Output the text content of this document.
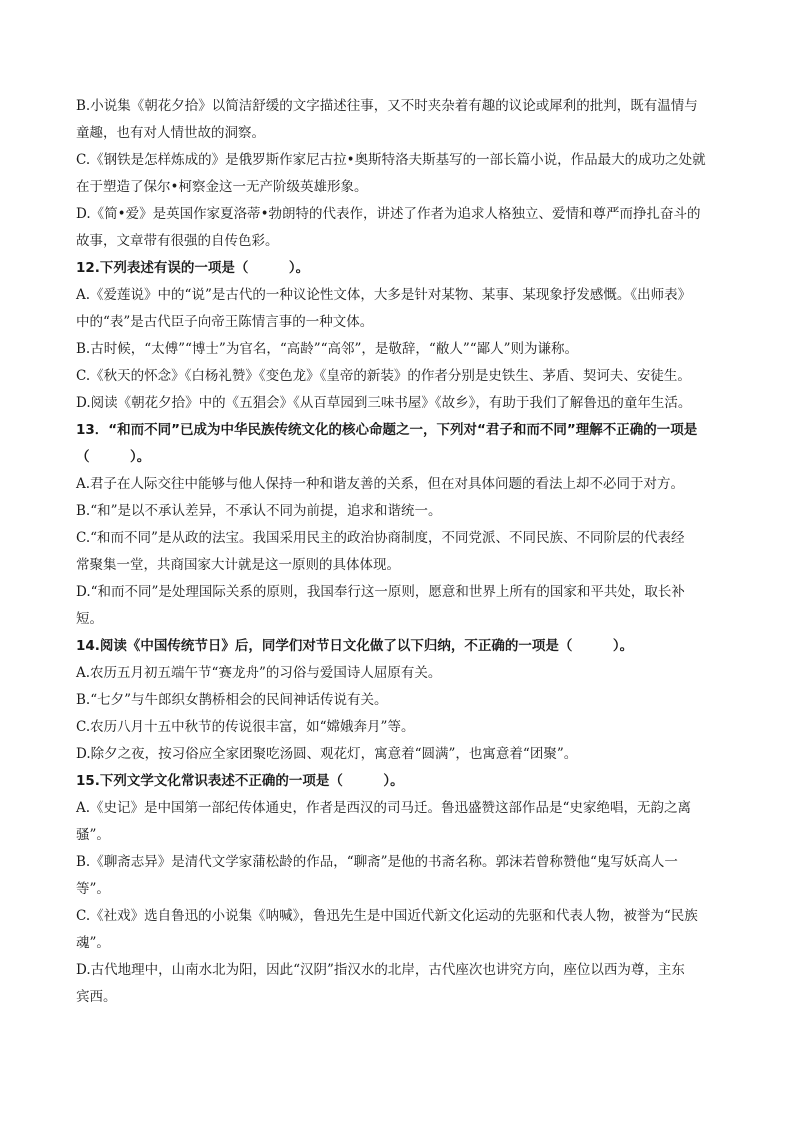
B.小说集《朝花夕拾》以简洁舒缓的文字描述往事，又不时夹杂着有趣的议论或犀利的批判，既有温情与
童趣，也有对人情世故的洞察。
C.《钢铁是怎样炼成的》是俄罗斯作家尼古拉•奥斯特洛夫斯基写的一部长篇小说，作品最大的成功之处就
在于塑造了保尔•柯察金这一无产阶级英雄形象。
D.《简•爱》是英国作家夏洛蒂•勃朗特的代表作，讲述了作者为追求人格独立、爱情和尊严而挣扎奋斗的
故事，文章带有很强的自传色彩。
12.下列表述有误的一项是（　　　）。
A.《爱莲说》中的“说”是古代的一种议论性文体，大多是针对某物、某事、某现象抒发感慨。《出师表》
中的“表”是古代臣子向帝王陈情言事的一种文体。
B.古时候，“太傅”“博士”为官名，“高龄”“高邻”，是敬辞，“敝人”“鄙人”则为谦称。
C.《秋天的怀念》《白杨礼赞》《变色龙》《皇帝的新装》的作者分别是史铁生、茅盾、契诃夫、安徒生。
D.阅读《朝花夕拾》中的《五猖会》《从百草园到三味书屋》《故乡》，有助于我们了解鲁迅的童年生活。
13．“和而不同”已成为中华民族传统文化的核心命题之一，下列对“君子和而不同”理解不正确的一项是
（　　　）。
A.君子在人际交往中能够与他人保持一种和谐友善的关系，但在对具体问题的看法上却不必同于对方。
B.“和”是以不承认差异，不承认不同为前提，追求和谐统一。
C.“和而不同”是从政的法宝。我国采用民主的政治协商制度，不同党派、不同民族、不同阶层的代表经
常聚集一堂，共商国家大计就是这一原则的具体体现。
D.“和而不同”是处理国际关系的原则，我国奉行这一原则，愿意和世界上所有的国家和平共处，取长补
短。
14.阅读《中国传统节日》后，同学们对节日文化做了以下归纳，不正确的一项是（　　　）。
A.农历五月初五端午节“赛龙舟”的习俗与爱国诗人屈原有关。
B.“七夕”与牛郎织女鹊桥相会的民间神话传说有关。
C.农历八月十五中秋节的传说很丰富，如“嫦娥奔月”等。
D.除夕之夜，按习俗应全家团聚吃汤圆、观花灯，寓意着“圆满”，也寓意着“团聚”。
15.下列文学文化常识表述不正确的一项是（　　　）。
A.《史记》是中国第一部纪传体通史，作者是西汉的司马迁。鲁迅盛赞这部作品是“史家绝唱，无韵之离
骚”。
B.《聊斋志异》是清代文学家蒲松龄的作品，“聊斋”是他的书斋名称。郭沫若曾称赞他“鬼写妖高人一
等”。
C.《社戏》选自鲁迅的小说集《呐喊》，鲁迅先生是中国近代新文化运动的先驱和代表人物，被誉为“民族
魂”。
D.古代地理中，山南水北为阳，因此“汉阴”指汉水的北岸，古代座次也讲究方向，座位以西为尊，主东
宾西。
